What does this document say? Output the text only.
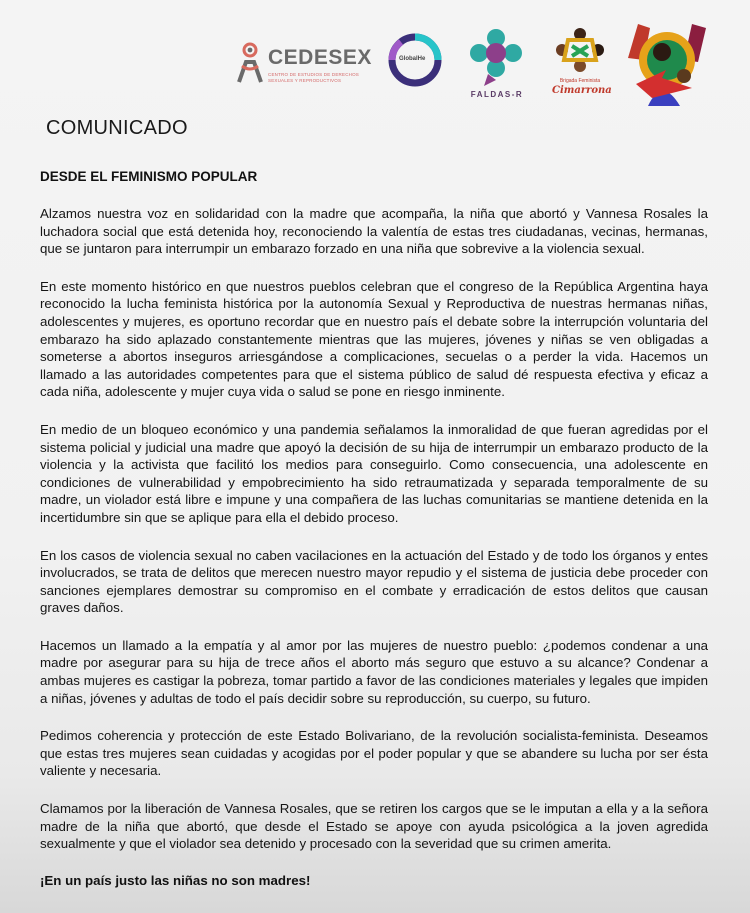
CEDESEX
CENTRO DE ESTUDIOS DE DERECHOS SEXUALES Y REPRODUCTIVOS
GlobalHe
FALDAS-R
Brigada Feminista
Cimarrona
COMUNICADO
DESDE EL FEMINISMO POPULAR

Alzamos nuestra voz en solidaridad con la madre que acompaña, la niña que abortó y Vannesa Rosales la luchadora social que está detenida hoy, reconociendo la valentía de estas tres ciudadanas, vecinas, hermanas, que se juntaron para interrumpir un embarazo forzado en una niña que sobrevive a la violencia sexual.

En este momento histórico en que nuestros pueblos celebran que el congreso de la República Argentina haya reconocido la lucha feminista histórica por la autonomía Sexual y Reproductiva de nuestras hermanas niñas, adolescentes y mujeres, es oportuno recordar que en nuestro país el debate sobre la interrupción voluntaria del embarazo ha sido aplazado constantemente mientras que las mujeres, jóvenes y niñas se ven obligadas a someterse a abortos inseguros arriesgándose a complicaciones, secuelas o a perder la vida. Hacemos un llamado a las autoridades competentes para que el sistema público de salud dé respuesta efectiva y eficaz a cada niña, adolescente y mujer cuya vida o salud se pone en riesgo inminente.

En medio de un bloqueo económico y una pandemia señalamos la inmoralidad de que fueran agredidas por el sistema policial y judicial una madre que apoyó la decisión de su hija de interrumpir un embarazo producto de la violencia y la activista que facilitó los medios para conseguirlo. Como consecuencia, una adolescente en condiciones de vulnerabilidad y empobrecimiento ha sido retraumatizada y separada temporalmente de su madre, un violador está libre e impune y una compañera de las luchas comunitarias se mantiene detenida en la incertidumbre sin que se aplique para ella el debido proceso.

En los casos de violencia sexual no caben vacilaciones en la actuación del Estado y de todo los órganos y entes involucrados, se trata de delitos que merecen nuestro mayor repudio y el sistema de justicia debe proceder con sanciones ejemplares demostrar su compromiso en el combate y erradicación de estos delitos que causan graves daños.

Hacemos un llamado a la empatía y al amor por las mujeres de nuestro pueblo: ¿podemos condenar a una madre por asegurar para su hija de trece años el aborto más seguro que estuvo a su alcance? Condenar a ambas mujeres es castigar la pobreza, tomar partido a favor de las condiciones materiales y legales que impiden a niñas, jóvenes y adultas de todo el país decidir sobre su reproducción, su cuerpo, su futuro.

Pedimos coherencia y protección de este Estado Bolivariano, de la revolución socialista-feminista. Deseamos que estas tres mujeres sean cuidadas y acogidas por el poder popular y que se abandere su lucha por ser ésta valiente y necesaria.

Clamamos por la liberación de Vannesa Rosales, que se retiren los cargos que se le imputan a ella y a la señora madre de la niña que abortó, que desde el Estado se apoye con ayuda psicológica a la joven agredida sexualmente y que el violador sea detenido y procesado con la severidad que su crimen amerita.

¡En un país justo las niñas no son madres!
